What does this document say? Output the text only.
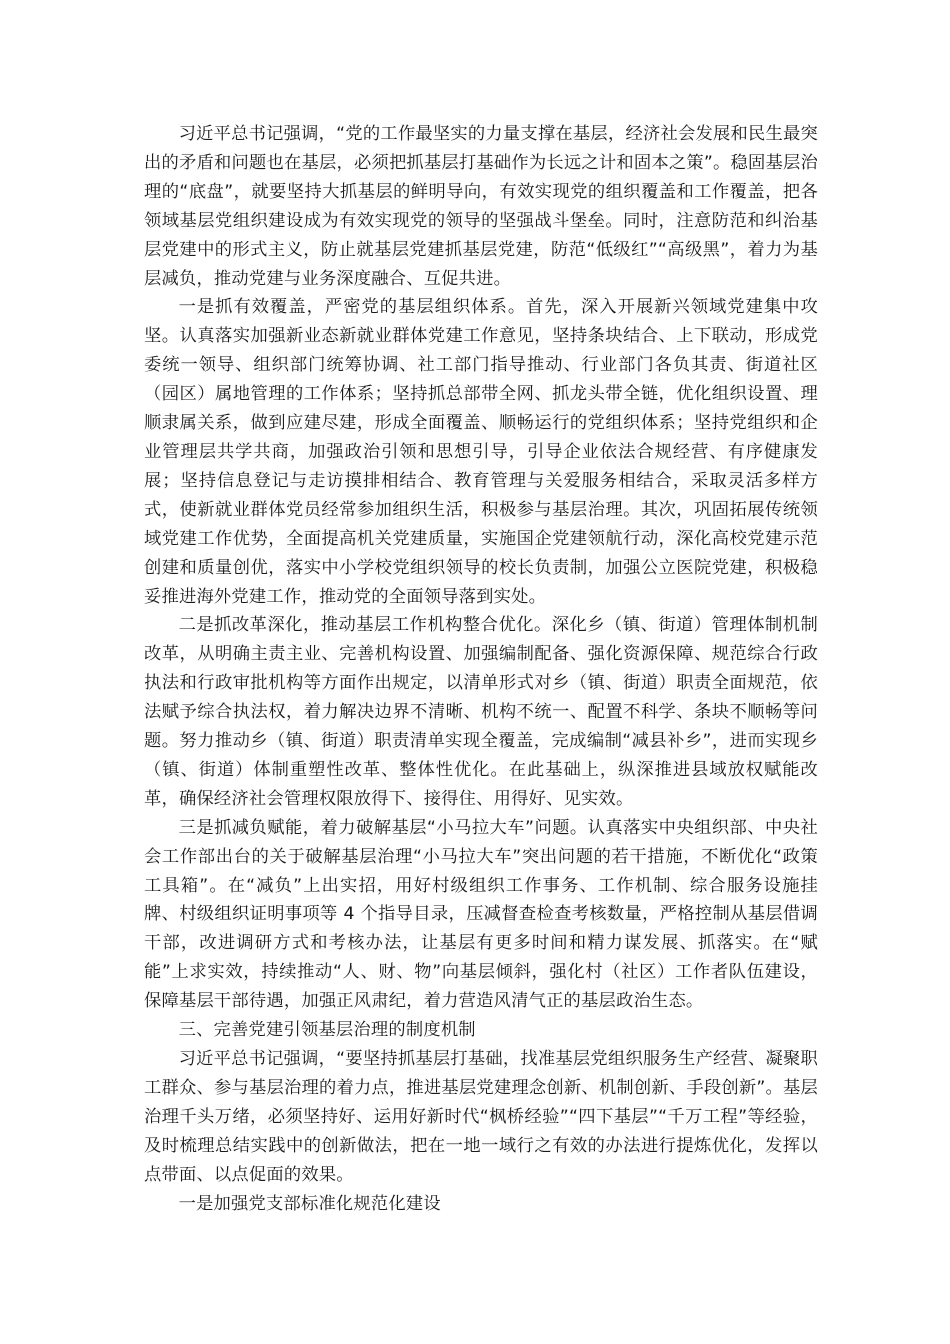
习近平总书记强调，“党的工作最坚实的力量支撑在基层，经济社会发展和民生最突出的矛盾和问题也在基层，必须把抓基层打基础作为长远之计和固本之策”。稳固基层治理的“底盘”，就要坚持大抓基层的鲜明导向，有效实现党的组织覆盖和工作覆盖，把各领域基层党组织建设成为有效实现党的领导的坚强战斗堡垒。同时，注意防范和纠治基层党建中的形式主义，防止就基层党建抓基层党建，防范“低级红”“高级黑”，着力为基层减负，推动党建与业务深度融合、互促共进。

一是抓有效覆盖，严密党的基层组织体系。首先，深入开展新兴领域党建集中攻坚。认真落实加强新业态新就业群体党建工作意见，坚持条块结合、上下联动，形成党委统一领导、组织部门统筹协调、社工部门指导推动、行业部门各负其责、街道社区（园区）属地管理的工作体系；坚持抓总部带全网、抓龙头带全链，优化组织设置、理顺隶属关系，做到应建尽建，形成全面覆盖、顺畅运行的党组织体系；坚持党组织和企业管理层共学共商，加强政治引领和思想引导，引导企业依法合规经营、有序健康发展；坚持信息登记与走访摸排相结合、教育管理与关爱服务相结合，采取灵活多样方式，使新就业群体党员经常参加组织生活，积极参与基层治理。其次，巩固拓展传统领域党建工作优势，全面提高机关党建质量，实施国企党建领航行动，深化高校党建示范创建和质量创优，落实中小学校党组织领导的校长负责制，加强公立医院党建，积极稳妥推进海外党建工作，推动党的全面领导落到实处。

二是抓改革深化，推动基层工作机构整合优化。深化乡（镇、街道）管理体制机制改革，从明确主责主业、完善机构设置、加强编制配备、强化资源保障、规范综合行政执法和行政审批机构等方面作出规定，以清单形式对乡（镇、街道）职责全面规范，依法赋予综合执法权，着力解决边界不清晰、机构不统一、配置不科学、条块不顺畅等问题。努力推动乡（镇、街道）职责清单实现全覆盖，完成编制“减县补乡”，进而实现乡（镇、街道）体制重塑性改革、整体性优化。在此基础上，纵深推进县域放权赋能改革，确保经济社会管理权限放得下、接得住、用得好、见实效。

三是抓减负赋能，着力破解基层“小马拉大车”问题。认真落实中央组织部、中央社会工作部出台的关于破解基层治理“小马拉大车”突出问题的若干措施，不断优化“政策工具箱”。在“减负”上出实招，用好村级组织工作事务、工作机制、综合服务设施挂牌、村级组织证明事项等 4 个指导目录，压减督查检查考核数量，严格控制从基层借调干部，改进调研方式和考核办法，让基层有更多时间和精力谋发展、抓落实。在“赋能”上求实效，持续推动“人、财、物”向基层倾斜，强化村（社区）工作者队伍建设，保障基层干部待遇，加强正风肃纪，着力营造风清气正的基层政治生态。

三、完善党建引领基层治理的制度机制

习近平总书记强调，“要坚持抓基层打基础，找准基层党组织服务生产经营、凝聚职工群众、参与基层治理的着力点，推进基层党建理念创新、机制创新、手段创新”。基层治理千头万绪，必须坚持好、运用好新时代“枫桥经验”“四下基层”“千万工程”等经验，及时梳理总结实践中的创新做法，把在一地一域行之有效的办法进行提炼优化，发挥以点带面、以点促面的效果。

一是加强党支部标准化规范化建设
